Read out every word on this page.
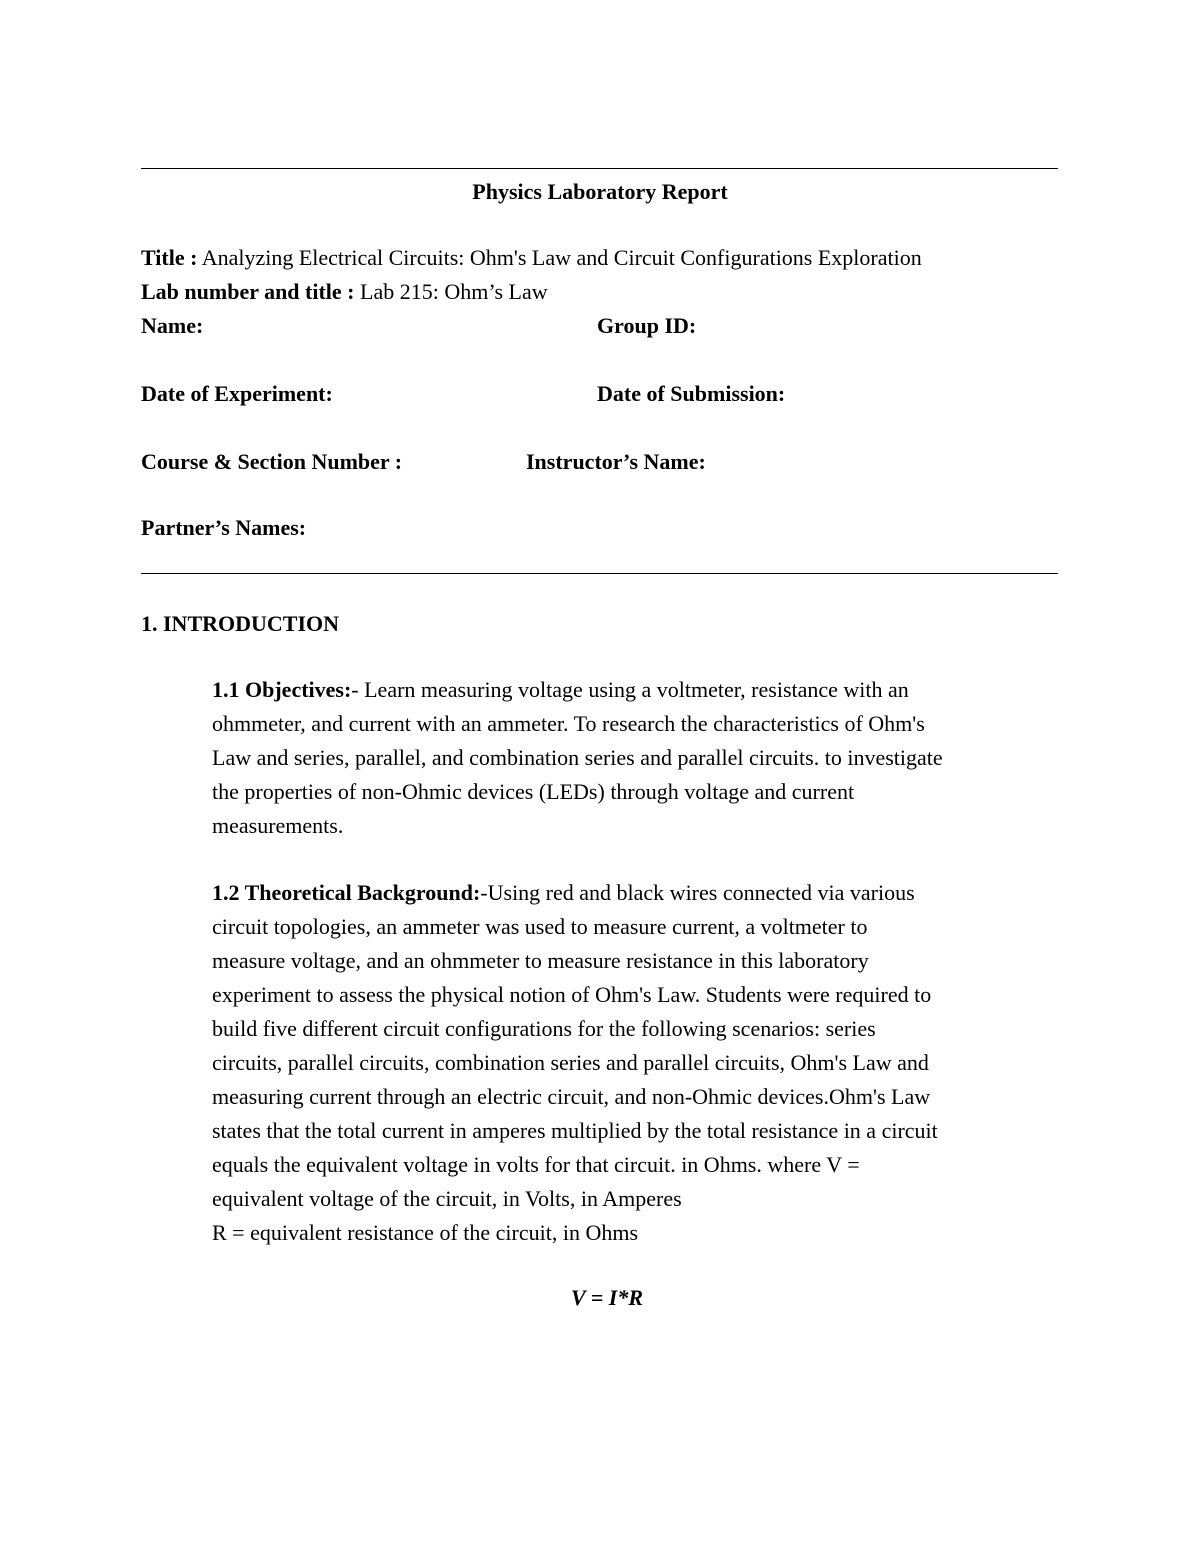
Physics Laboratory Report
Title : Analyzing Electrical Circuits: Ohm's Law and Circuit Configurations Exploration
Lab number and title : Lab 215: Ohm’s Law
Name:	Group ID:
Date of Experiment:	Date of Submission:
Course & Section Number :	Instructor’s Name:
Partner’s Names:
1. INTRODUCTION
1.1 Objectives:- Learn measuring voltage using a voltmeter, resistance with an
ohmmeter, and current with an ammeter. To research the characteristics of Ohm's
Law and series, parallel, and combination series and parallel circuits. to investigate
the properties of non-Ohmic devices (LEDs) through voltage and current
measurements.
1.2 Theoretical Background:-Using red and black wires connected via various
circuit topologies, an ammeter was used to measure current, a voltmeter to
measure voltage, and an ohmmeter to measure resistance in this laboratory
experiment to assess the physical notion of Ohm's Law. Students were required to
build five different circuit configurations for the following scenarios: series
circuits, parallel circuits, combination series and parallel circuits, Ohm's Law and
measuring current through an electric circuit, and non-Ohmic devices.Ohm's Law
states that the total current in amperes multiplied by the total resistance in a circuit
equals the equivalent voltage in volts for that circuit. in Ohms. where V =
equivalent voltage of the circuit, in Volts, in Amperes
R = equivalent resistance of the circuit, in Ohms
V = I*R
